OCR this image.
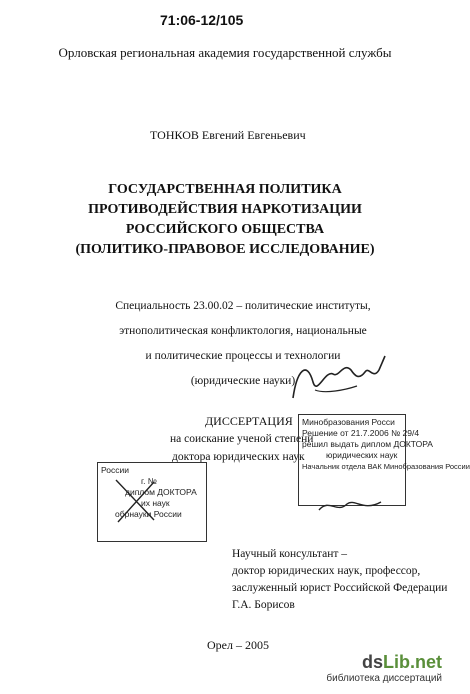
71:06-12/105
Орловская региональная академия государственной службы
ТОНКОВ Евгений Евгеньевич
ГОСУДАРСТВЕННАЯ ПОЛИТИКА
ПРОТИВОДЕЙСТВИЯ НАРКОТИЗАЦИИ
РОССИЙСКОГО ОБЩЕСТВА
(ПОЛИТИКО-ПРАВОВОЕ ИССЛЕДОВАНИЕ)
Специальность 23.00.02 – политические институты,
этнополитическая конфликтология, национальные
и политические процессы и технологии
(юридические науки)
ДИССЕРТАЦИЯ
на соискание ученой степени
доктора юридических наук

Минобразования Росси

Решение от 21.7.2006 № 29/4

решил выдать диплом ДОКТОРА

юридических наук

Начальник отдела ВАК Минобразования России

России

г. №

диплом ДОКТОРА

их наук

обрнауки России

Научный консультант –
доктор юридических наук, профессор,
заслуженный юрист Российской Федерации
Г.А. Борисов
Орел – 2005
dsLib.net
библиотека диссертаций
